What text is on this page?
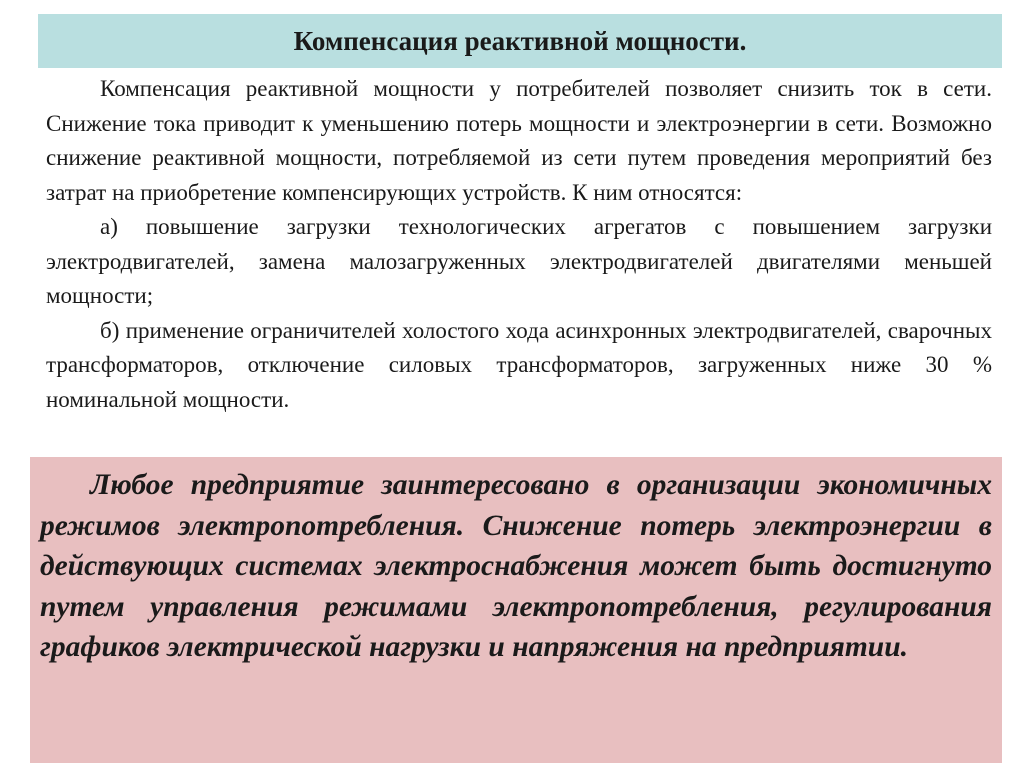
Компенсация реактивной мощности.

Компенсация реактивной мощности у потребителей позволяет снизить ток в сети. Снижение тока приводит к уменьшению потерь мощности и электроэнергии в сети. Возможно снижение реактивной мощности, потребляемой из сети путем проведения мероприятий без затрат на приобретение компенсирующих устройств. К ним относятся:

а) повышение загрузки технологических агрегатов с повышением загрузки электродвигателей, замена малозагруженных электродвигателей двигателями меньшей мощности;

б) применение ограничителей холостого хода асинхронных электродвигателей, сварочных трансформаторов, отключение силовых трансформаторов, загруженных ниже 30 % номинальной мощности.

Любое предприятие заинтересовано в организации экономичных режимов электропотребления. Снижение потерь электроэнергии в действующих системах электроснабжения может быть достигнуто путем управления режимами электропотребления, регулирования графиков электрической нагрузки и напряжения на предприятии.
